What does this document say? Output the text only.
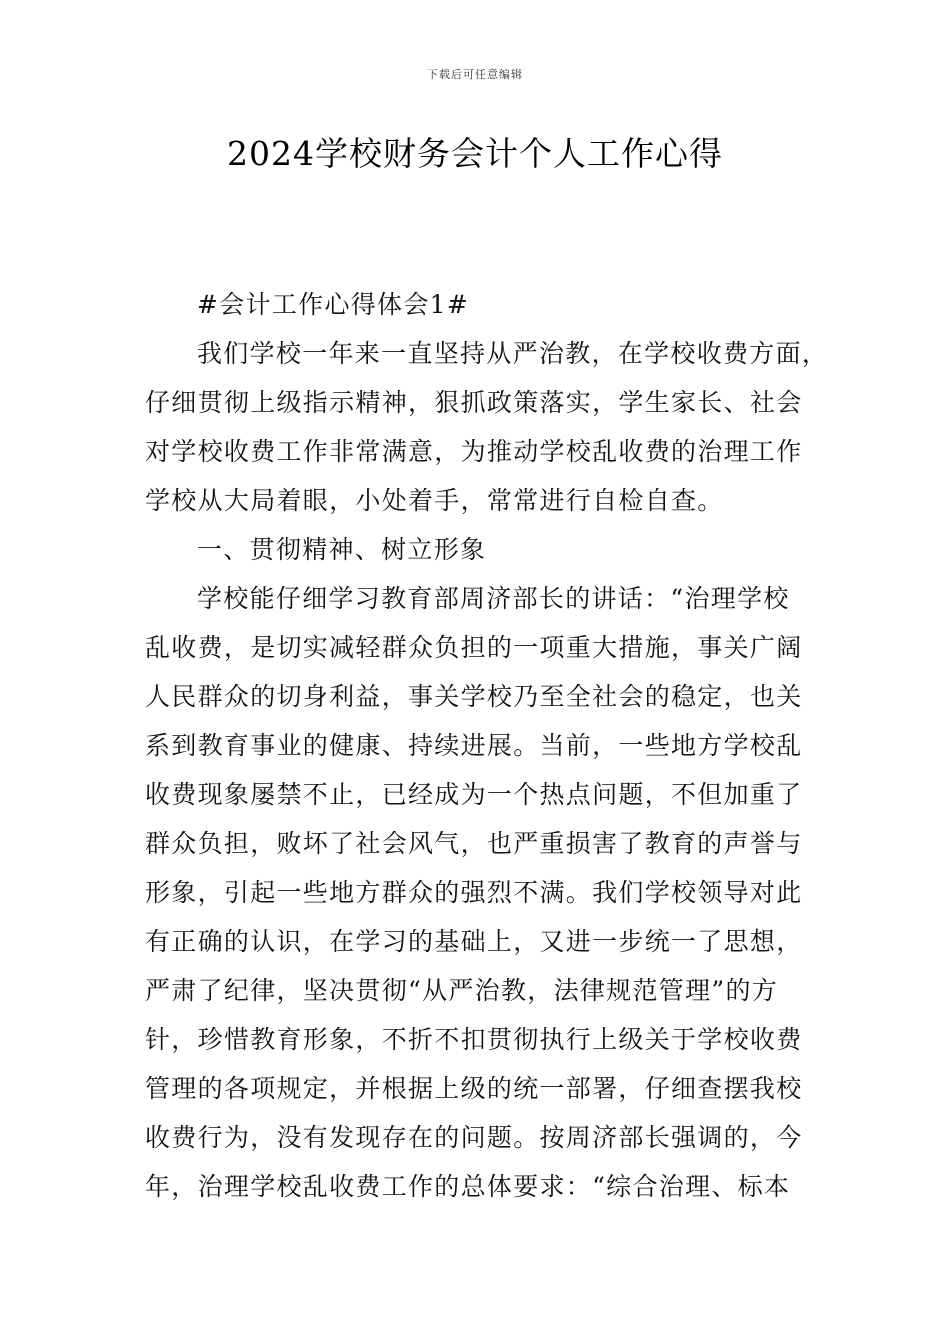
下载后可任意编辑
2024学校财务会计个人工作心得

#会计工作心得体会1#

我们学校一年来一直坚持从严治教，在学校收费方面，
仔细贯彻上级指示精神，狠抓政策落实，学生家长、社会
对学校收费工作非常满意，为推动学校乱收费的治理工作
学校从大局着眼，小处着手，常常进行自检自查。

一、贯彻精神、树立形象

学校能仔细学习教育部周济部长的讲话：“治理学校
乱收费，是切实减轻群众负担的一项重大措施，事关广阔
人民群众的切身利益，事关学校乃至全社会的稳定，也关
系到教育事业的健康、持续进展。当前，一些地方学校乱
收费现象屡禁不止，已经成为一个热点问题，不但加重了
群众负担，败坏了社会风气，也严重损害了教育的声誉与
形象，引起一些地方群众的强烈不满。我们学校领导对此
有正确的认识，在学习的基础上，又进一步统一了思想，
严肃了纪律，坚决贯彻“从严治教，法律规范管理”的方
针，珍惜教育形象，不折不扣贯彻执行上级关于学校收费
管理的各项规定，并根据上级的统一部署，仔细查摆我校
收费行为，没有发现存在的问题。按周济部长强调的，今
年，治理学校乱收费工作的总体要求：“综合治理、标本
